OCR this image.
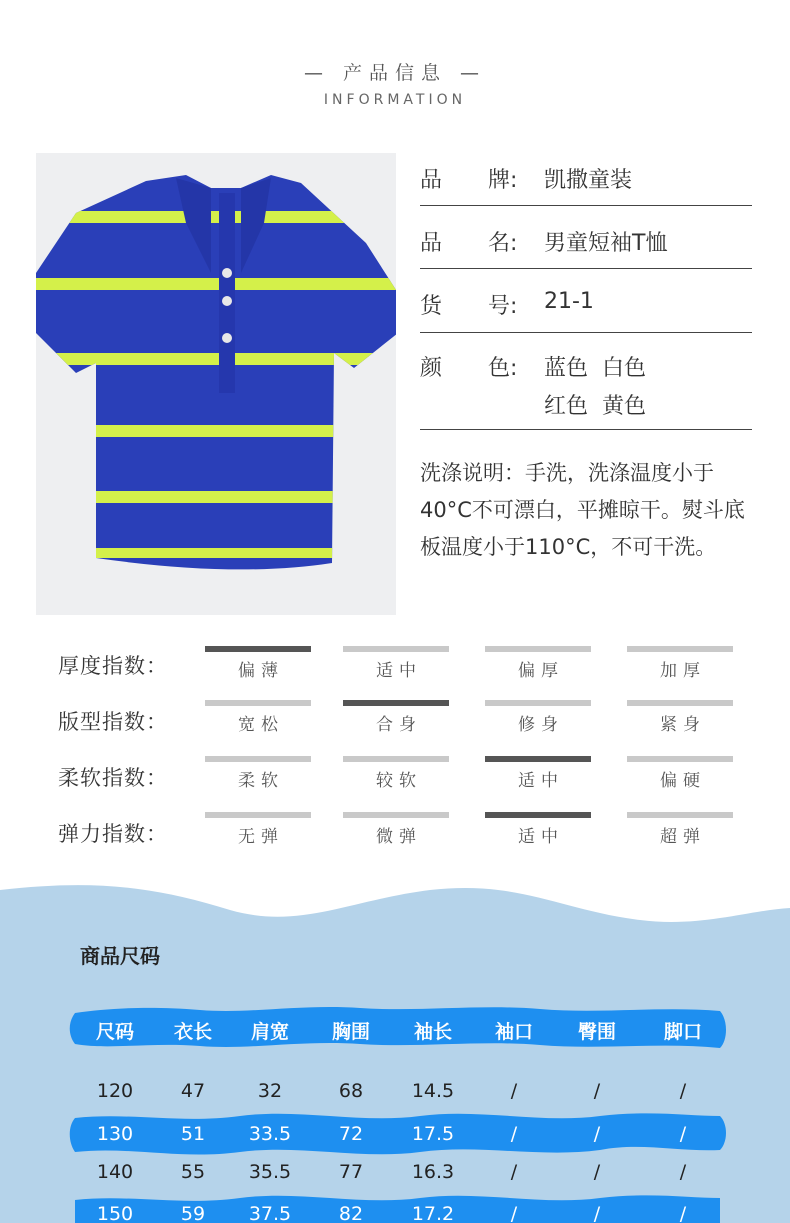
— 产品信息 —
INFORMATION
品 牌: 凯撒童装
品 名: 男童短袖T恤
货 号: 21-1
颜 色: 蓝色  白色
红色  黄色
洗涤说明：手洗，洗涤温度小于
40°C不可漂白，平摊晾干。熨斗底
板温度小于110°C，不可干洗。
厚度指数：	偏薄	适中	偏厚	加厚
版型指数：	宽松	合身	修身	紧身
柔软指数：	柔软	较软	适中	偏硬
弹力指数：	无弹	微弹	适中	超弹
商品尺码
尺码	衣长	肩宽	胸围	袖长	袖口	臀围	脚口
120	47	32	68	14.5	/	/	/
130	51	33.5	72	17.5	/	/	/
140	55	35.5	77	16.3	/	/	/
150	59	37.5	82	17.2	/	/	/
